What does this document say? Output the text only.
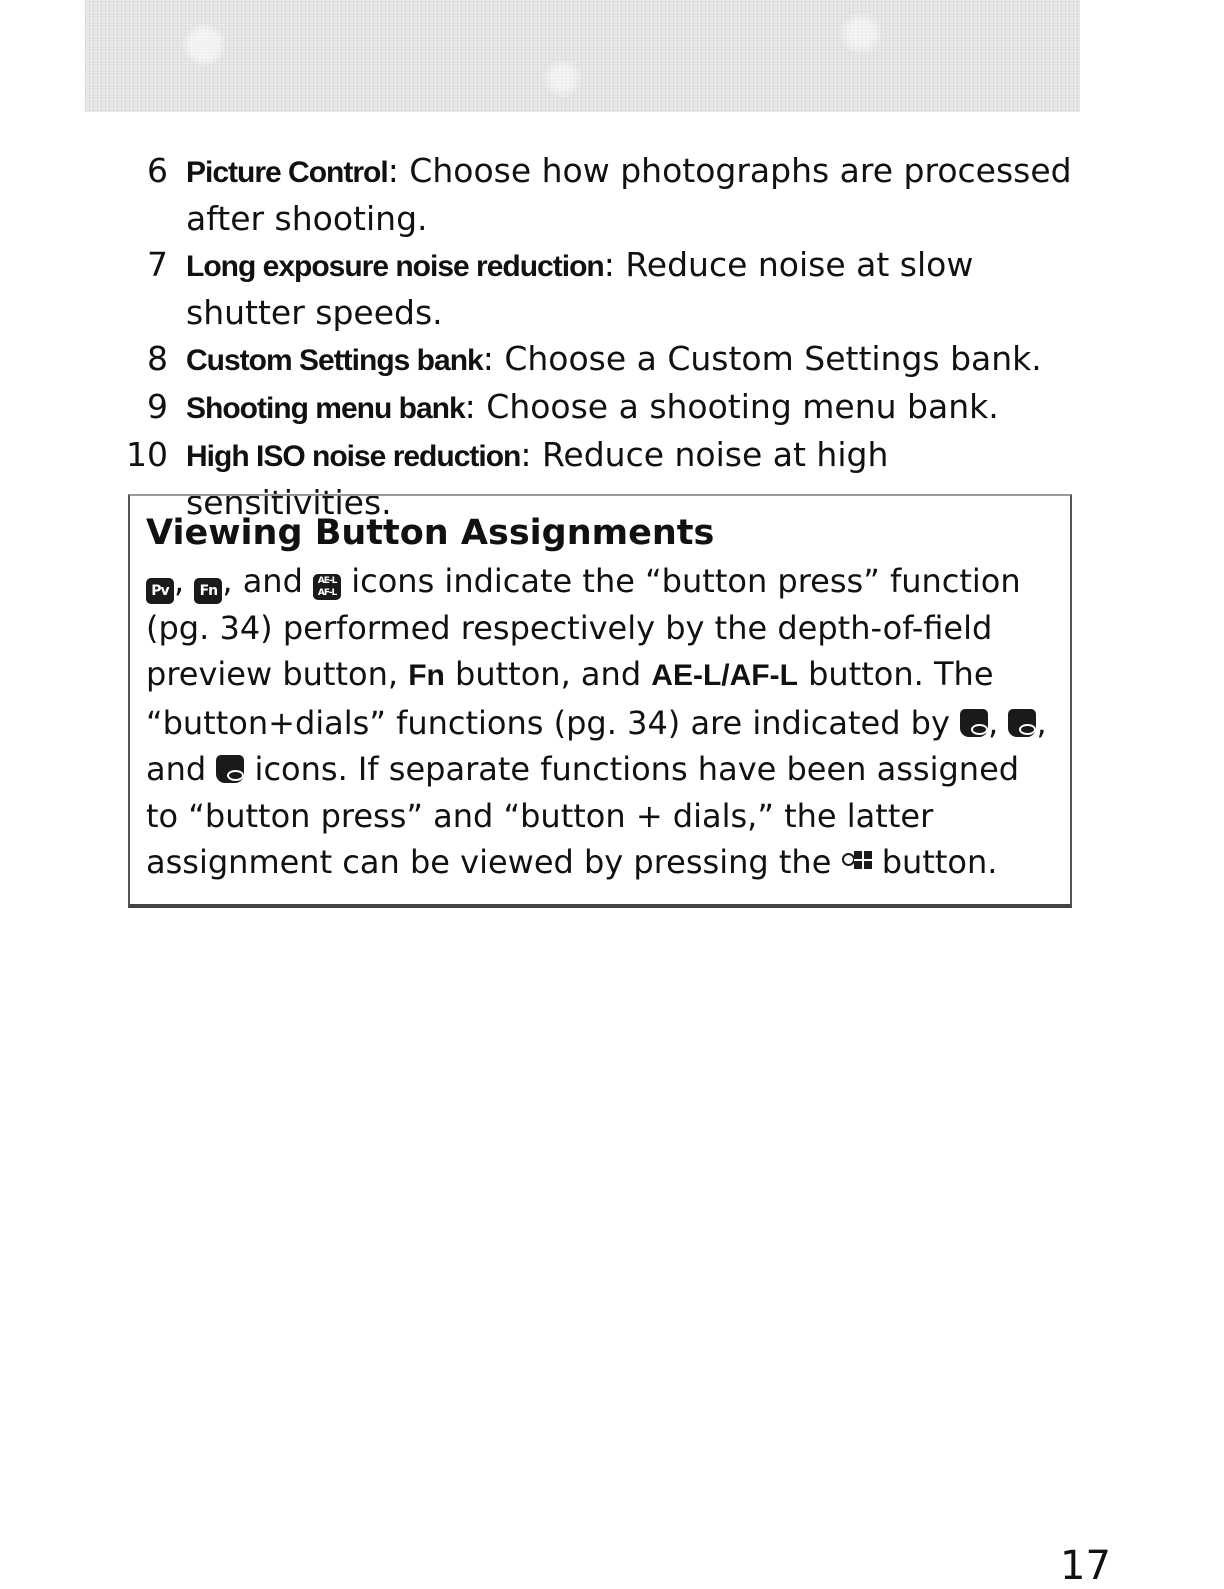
6 Picture Control: Choose how photographs are processed after shooting.
7 Long exposure noise reduction: Reduce noise at slow shutter speeds.
8 Custom Settings bank: Choose a Custom Settings bank.
9 Shooting menu bank: Choose a shooting menu bank.
10 High ISO noise reduction: Reduce noise at high sensitivities.
Viewing Button Assignments

Pv , Fn , and AE-L
AF-L icons indicate the “button press” function (pg. 34) performed respectively by the depth-of-field preview button, Fn button, and AE-L/AF-L button. The “button+dials” functions (pg. 34) are indicated by , , and  icons. If separate functions have been assigned to “button press” and “button + dials,” the latter assignment can be viewed by pressing the
button.

17
